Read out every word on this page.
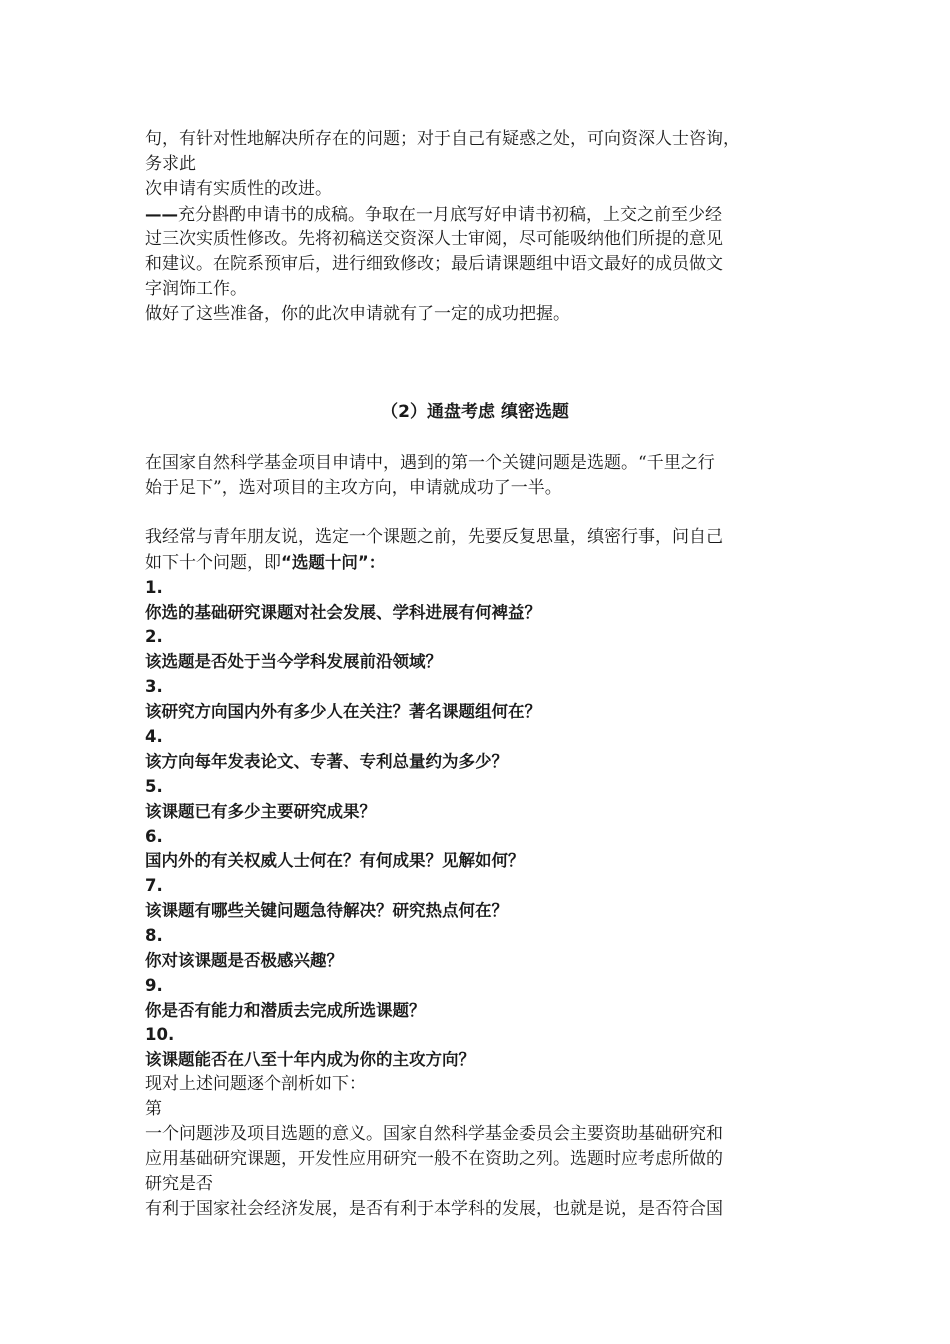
句，有针对性地解决所存在的问题；对于自己有疑惑之处，可向资深人士咨询，
务求此
次申请有实质性的改进。
——充分斟酌申请书的成稿。争取在一月底写好申请书初稿，上交之前至少经
过三次实质性修改。先将初稿送交资深人士审阅，尽可能吸纳他们所提的意见
和建议。在院系预审后，进行细致修改；最后请课题组中语文最好的成员做文
字润饰工作。
做好了这些准备，你的此次申请就有了一定的成功把握。
（2）通盘考虑 缜密选题
在国家自然科学基金项目申请中，遇到的第一个关键问题是选题。“千里之行
始于足下”，选对项目的主攻方向，申请就成功了一半。
我经常与青年朋友说，选定一个课题之前，先要反复思量，缜密行事，问自己
如下十个问题，即“选题十问”：
1.
你选的基础研究课题对社会发展、学科进展有何裨益？
2.
该选题是否处于当今学科发展前沿领域？
3.
该研究方向国内外有多少人在关注？著名课题组何在？
4.
该方向每年发表论文、专著、专利总量约为多少？
5.
该课题已有多少主要研究成果？
6.
国内外的有关权威人士何在？有何成果？见解如何？
7.
该课题有哪些关键问题急待解决？研究热点何在？
8.
你对该课题是否极感兴趣？
9.
你是否有能力和潜质去完成所选课题？
10.
该课题能否在八至十年内成为你的主攻方向？
现对上述问题逐个剖析如下：
第
一个问题涉及项目选题的意义。国家自然科学基金委员会主要资助基础研究和
应用基础研究课题，开发性应用研究一般不在资助之列。选题时应考虑所做的
研究是否
有利于国家社会经济发展，是否有利于本学科的发展，也就是说，是否符合国
